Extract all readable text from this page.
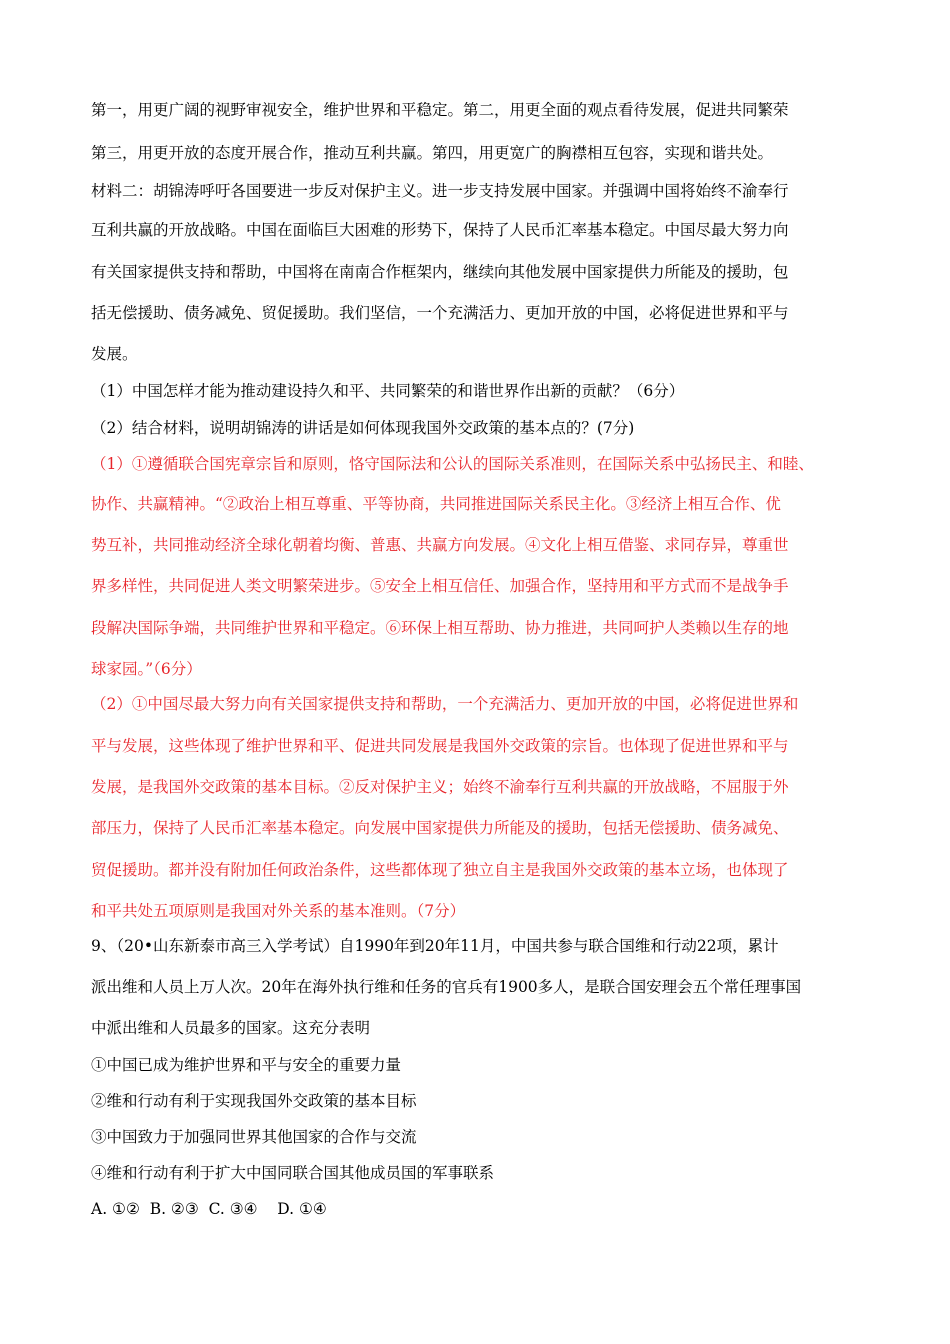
第一，用更广阔的视野审视安全，维护世界和平稳定。第二，用更全面的观点看待发展，促进共同繁荣
第三，用更开放的态度开展合作，推动互利共赢。第四，用更宽广的胸襟相互包容，实现和谐共处。
材料二：胡锦涛呼吁各国要进一步反对保护主义。进一步支持发展中国家。并强调中国将始终不渝奉行
互利共赢的开放战略。中国在面临巨大困难的形势下，保持了人民币汇率基本稳定。中国尽最大努力向
有关国家提供支持和帮助，中国将在南南合作框架内，继续向其他发展中国家提供力所能及的援助，包
括无偿援助、债务减免、贸促援助。我们坚信，一个充满活力、更加开放的中国，必将促进世界和平与
发展。
（1）中国怎样才能为推动建设持久和平、共同繁荣的和谐世界作出新的贡献？（6分）
（2）结合材料，说明胡锦涛的讲话是如何体现我国外交政策的基本点的？(7分)
（1）①遵循联合国宪章宗旨和原则，恪守国际法和公认的国际关系准则，在国际关系中弘扬民主、和睦、
协作、共赢精神。“②政治上相互尊重、平等协商，共同推进国际关系民主化。③经济上相互合作、优
势互补，共同推动经济全球化朝着均衡、普惠、共赢方向发展。④文化上相互借鉴、求同存异，尊重世
界多样性，共同促进人类文明繁荣进步。⑤安全上相互信任、加强合作，坚持用和平方式而不是战争手
段解决国际争端，共同维护世界和平稳定。⑥环保上相互帮助、协力推进，共同呵护人类赖以生存的地
球家园。”（6分）
（2）①中国尽最大努力向有关国家提供支持和帮助，一个充满活力、更加开放的中国，必将促进世界和
平与发展，这些体现了维护世界和平、促进共同发展是我国外交政策的宗旨。也体现了促进世界和平与
发展，是我国外交政策的基本目标。②反对保护主义；始终不渝奉行互利共赢的开放战略，不屈服于外
部压力，保持了人民币汇率基本稳定。向发展中国家提供力所能及的援助，包括无偿援助、债务减免、
贸促援助。都并没有附加任何政治条件，这些都体现了独立自主是我国外交政策的基本立场，也体现了
和平共处五项原则是我国对外关系的基本准则。（7分）
9、（20•山东新泰市高三入学考试）自1990年到20年11月，中国共参与联合国维和行动22项，累计
派出维和人员上万人次。20年在海外执行维和任务的官兵有1900多人，是联合国安理会五个常任理事国
中派出维和人员最多的国家。这充分表明
①中国已成为维护世界和平与安全的重要力量
②维和行动有利于实现我国外交政策的基本目标
③中国致力于加强同世界其他国家的合作与交流
④维和行动有利于扩大中国同联合国其他成员国的军事联系
A. ①②  B. ②③  C. ③④    D. ①④
